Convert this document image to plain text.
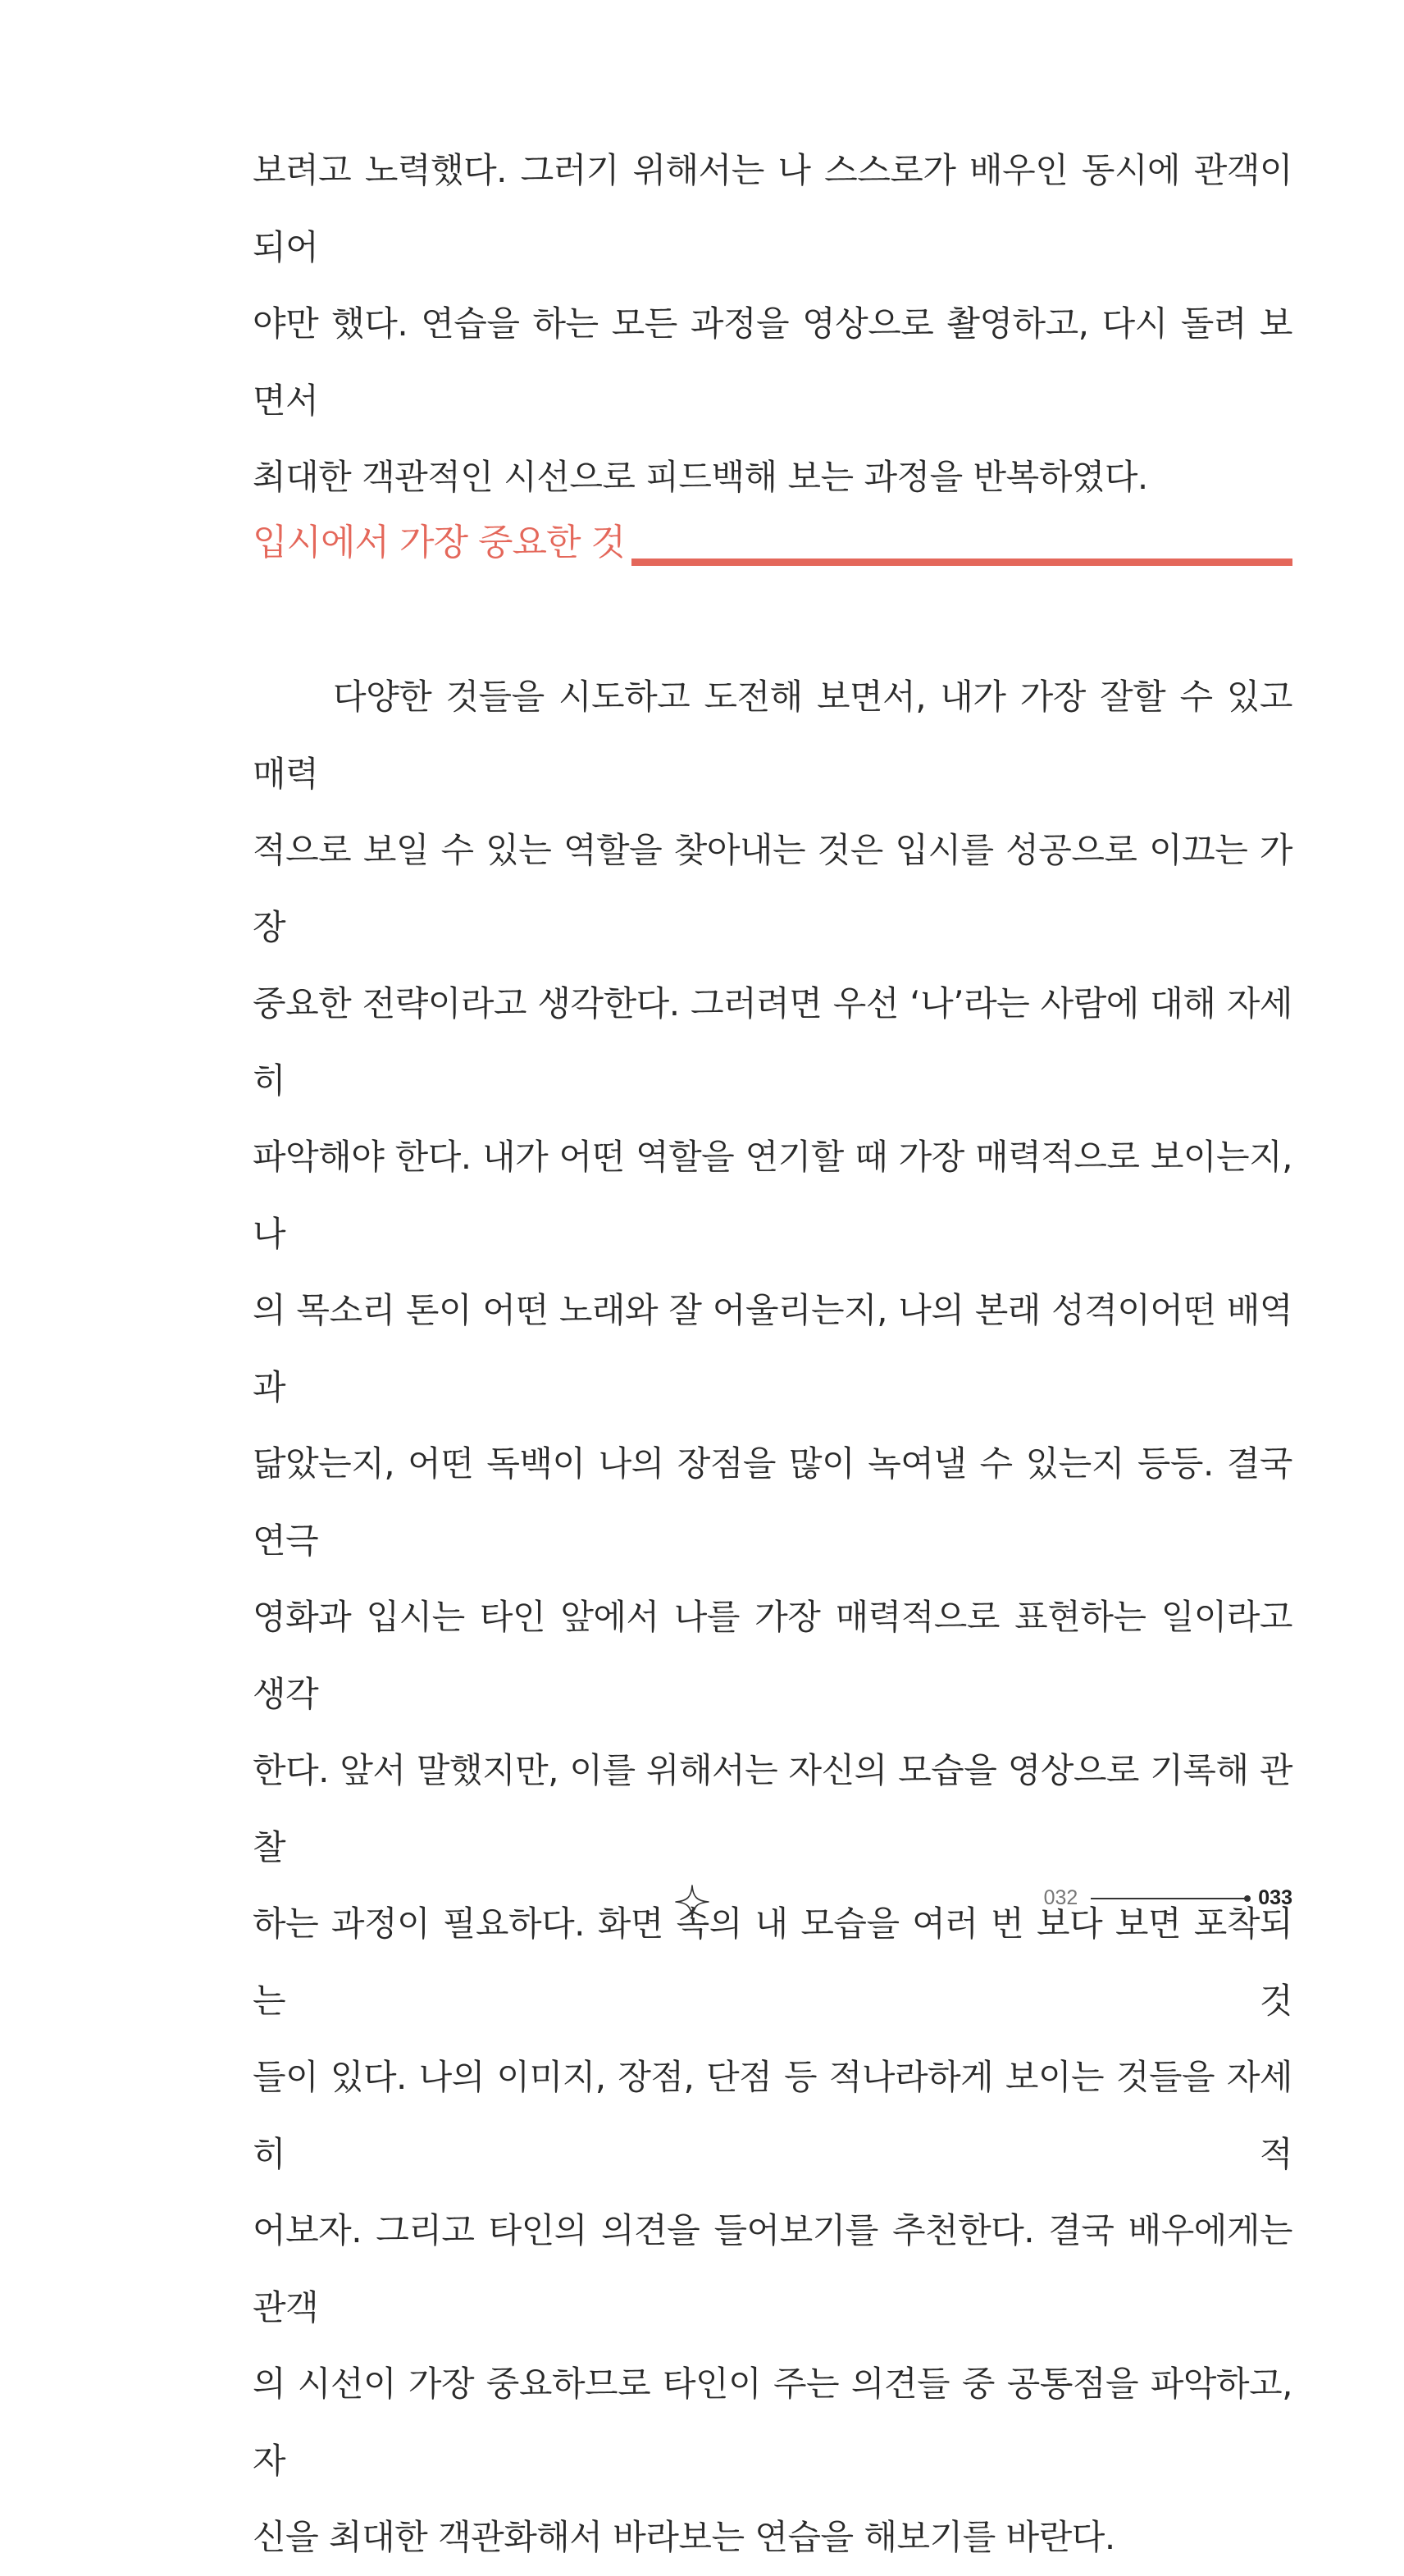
보려고 노력했다. 그러기 위해서는 나 스스로가 배우인 동시에 관객이 되어
야만 했다. 연습을 하는 모든 과정을 영상으로 촬영하고, 다시 돌려 보면서
최대한 객관적인 시선으로 피드백해 보는 과정을 반복하였다.
입시에서 가장 중요한 것
다양한 것들을 시도하고 도전해 보면서, 내가 가장 잘할 수 있고 매력
적으로 보일 수 있는 역할을 찾아내는 것은 입시를 성공으로 이끄는 가장
중요한 전략이라고 생각한다. 그러려면 우선 ‘나’라는 사람에 대해 자세히
파악해야 한다. 내가 어떤 역할을 연기할 때 가장 매력적으로 보이는지, 나
의 목소리 톤이 어떤 노래와 잘 어울리는지, 나의 본래 성격이어떤 배역과
닮았는지, 어떤 독백이 나의 장점을 많이 녹여낼 수 있는지 등등. 결국 연극
영화과 입시는 타인 앞에서 나를 가장 매력적으로 표현하는 일이라고 생각
한다. 앞서 말했지만, 이를 위해서는 자신의 모습을 영상으로 기록해 관찰
하는 과정이 필요하다. 화면 속의 내 모습을 여러 번 보다 보면 포착되는 것
들이 있다. 나의 이미지, 장점, 단점 등 적나라하게 보이는 것들을 자세히 적
어보자. 그리고 타인의 의견을 들어보기를 추천한다. 결국 배우에게는 관객
의 시선이 가장 중요하므로 타인이 주는 의견들 중 공통점을 파악하고, 자
신을 최대한 객관화해서 바라보는 연습을 해보기를 바란다.
032	033
